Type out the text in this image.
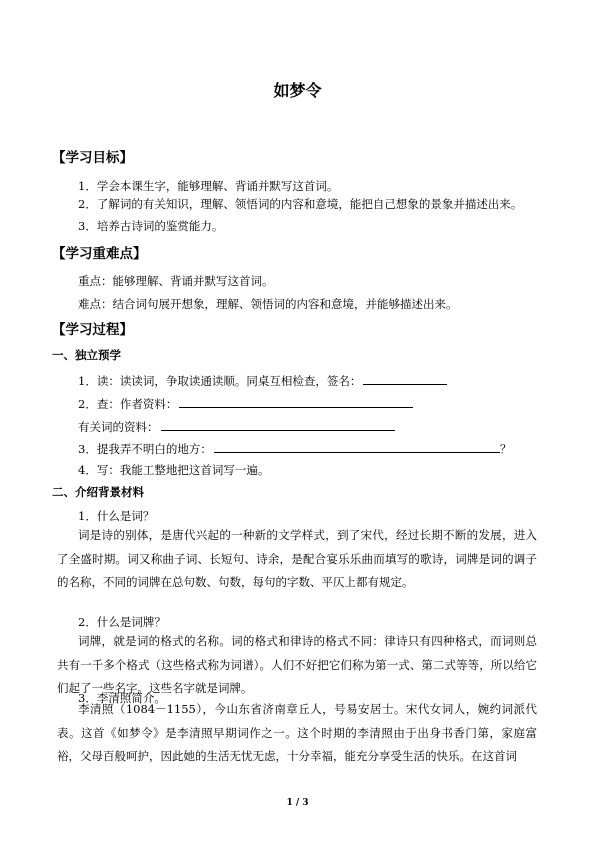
如梦令
【学习目标】
1．学会本课生字，能够理解、背诵并默写这首词。
2．了解词的有关知识，理解、领悟词的内容和意境，能把自己想象的景象并描述出来。
3．培养古诗词的鉴赏能力。
【学习重难点】
重点：能够理解、背诵并默写这首词。
难点：结合词句展开想象，理解、领悟词的内容和意境，并能够描述出来。
【学习过程】
一、独立预学
1．读：读读词，争取读通读顺。同桌互相检查，签名：
2．查：作者资料：
有关词的资料：
3．提我弄不明白的地方：	？
4．写：我能工整地把这首词写一遍。
二、介绍背景材料
1．什么是词？
词是诗的别体，是唐代兴起的一种新的文学样式，到了宋代，经过长期不断的发展，进入了全盛时期。词又称曲子词、长短句、诗余，是配合宴乐乐曲而填写的歌诗，词牌是词的调子的名称，不同的词牌在总句数、句数，每句的字数、平仄上都有规定。
2．什么是词牌？
词牌，就是词的格式的名称。词的格式和律诗的格式不同：律诗只有四种格式，而词则总共有一千多个格式（这些格式称为词谱）。人们不好把它们称为第一式、第二式等等，所以给它们起了一些名字。这些名字就是词牌。
3．李清照简介。
李清照（1084－1155），今山东省济南章丘人，号易安居士。宋代女词人，婉约词派代表。这首《如梦令》是李清照早期词作之一。这个时期的李清照由于出身书香门第，家庭富裕，父母百般呵护，因此她的生活无忧无虑，十分幸福，能充分享受生活的快乐。在这首词
1 / 3
